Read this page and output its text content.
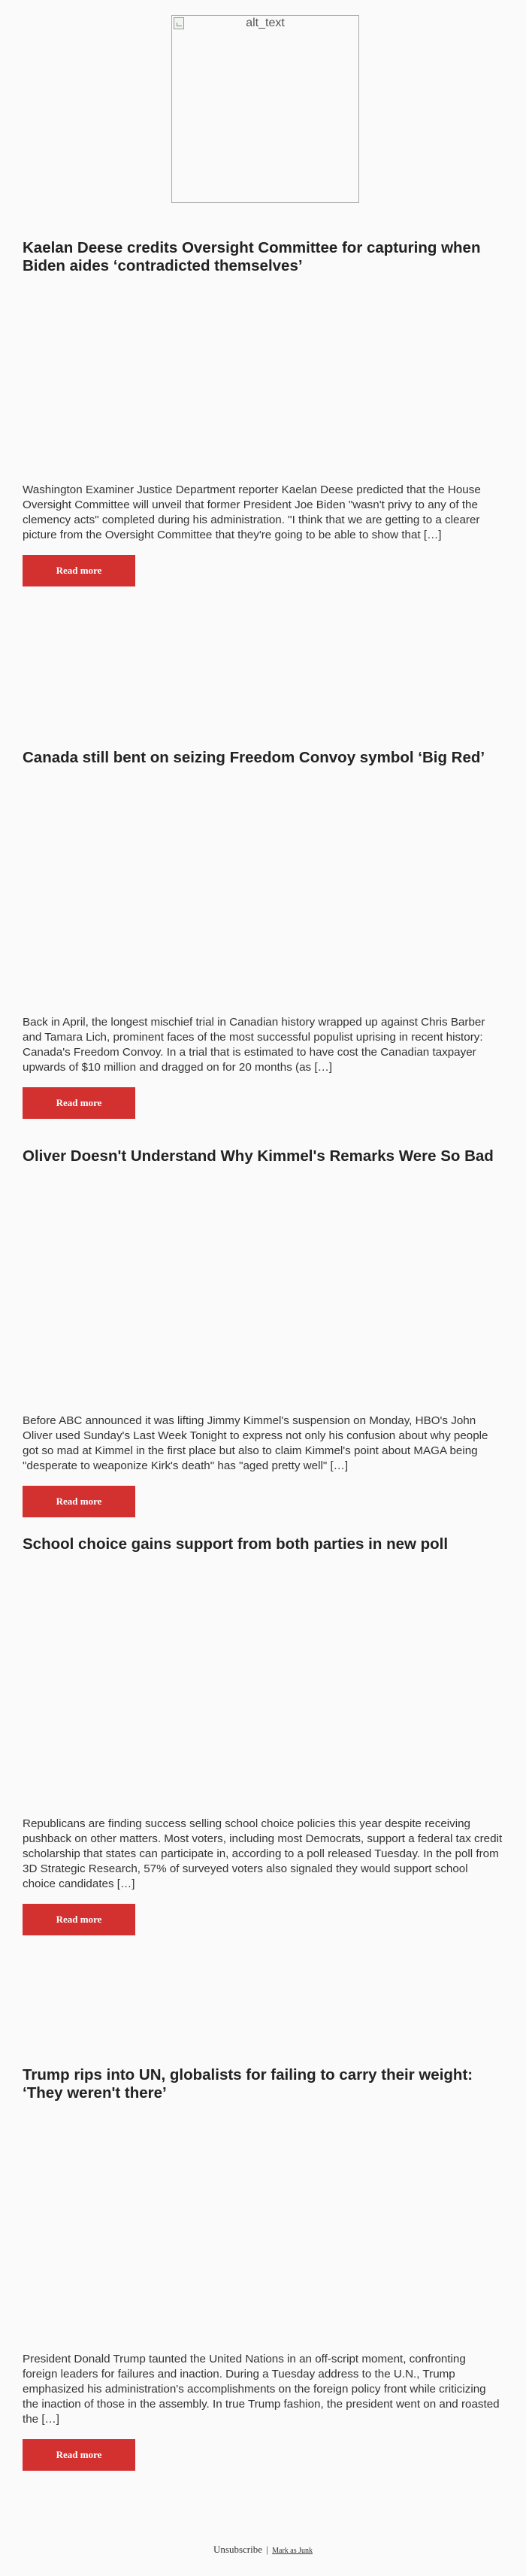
alt_text
Kaelan Deese credits Oversight Committee for capturing when Biden aides ‘contradicted themselves’

Washington Examiner Justice Department reporter Kaelan Deese predicted that the House Oversight Committee will unveil that former President Joe Biden "wasn't privy to any of the clemency acts" completed during his administration. "I think that we are getting to a clearer picture from the Oversight Committee that they're going to be able to show that […]

Read more
Canada still bent on seizing Freedom Convoy symbol ‘Big Red’

Back in April, the longest mischief trial in Canadian history wrapped up against Chris Barber and Tamara Lich, prominent faces of the most successful populist uprising in recent history: Canada's Freedom Convoy. In a trial that is estimated to have cost the Canadian taxpayer upwards of $10 million and dragged on for 20 months (as […]

Read more
Oliver Doesn't Understand Why Kimmel's Remarks Were So Bad

Before ABC announced it was lifting Jimmy Kimmel's suspension on Monday, HBO's John Oliver used Sunday's Last Week Tonight to express not only his confusion about why people got so mad at Kimmel in the first place but also to claim Kimmel's point about MAGA being "desperate to weaponize Kirk's death" has "aged pretty well" […]

Read more
School choice gains support from both parties in new poll

Republicans are finding success selling school choice policies this year despite receiving pushback on other matters. Most voters, including most Democrats, support a federal tax credit scholarship that states can participate in, according to a poll released Tuesday. In the poll from 3D Strategic Research, 57% of surveyed voters also signaled they would support school choice candidates […]

Read more
Trump rips into UN, globalists for failing to carry their weight: ‘They weren't there’

President Donald Trump taunted the United Nations in an off-script moment, confronting foreign leaders for failures and inaction. During a Tuesday address to the U.N., Trump emphasized his administration's accomplishments on the foreign policy front while criticizing the inaction of those in the assembly. In true Trump fashion, the president went on and roasted the […]

Read more
Unsubscribe | Mark as Junk
